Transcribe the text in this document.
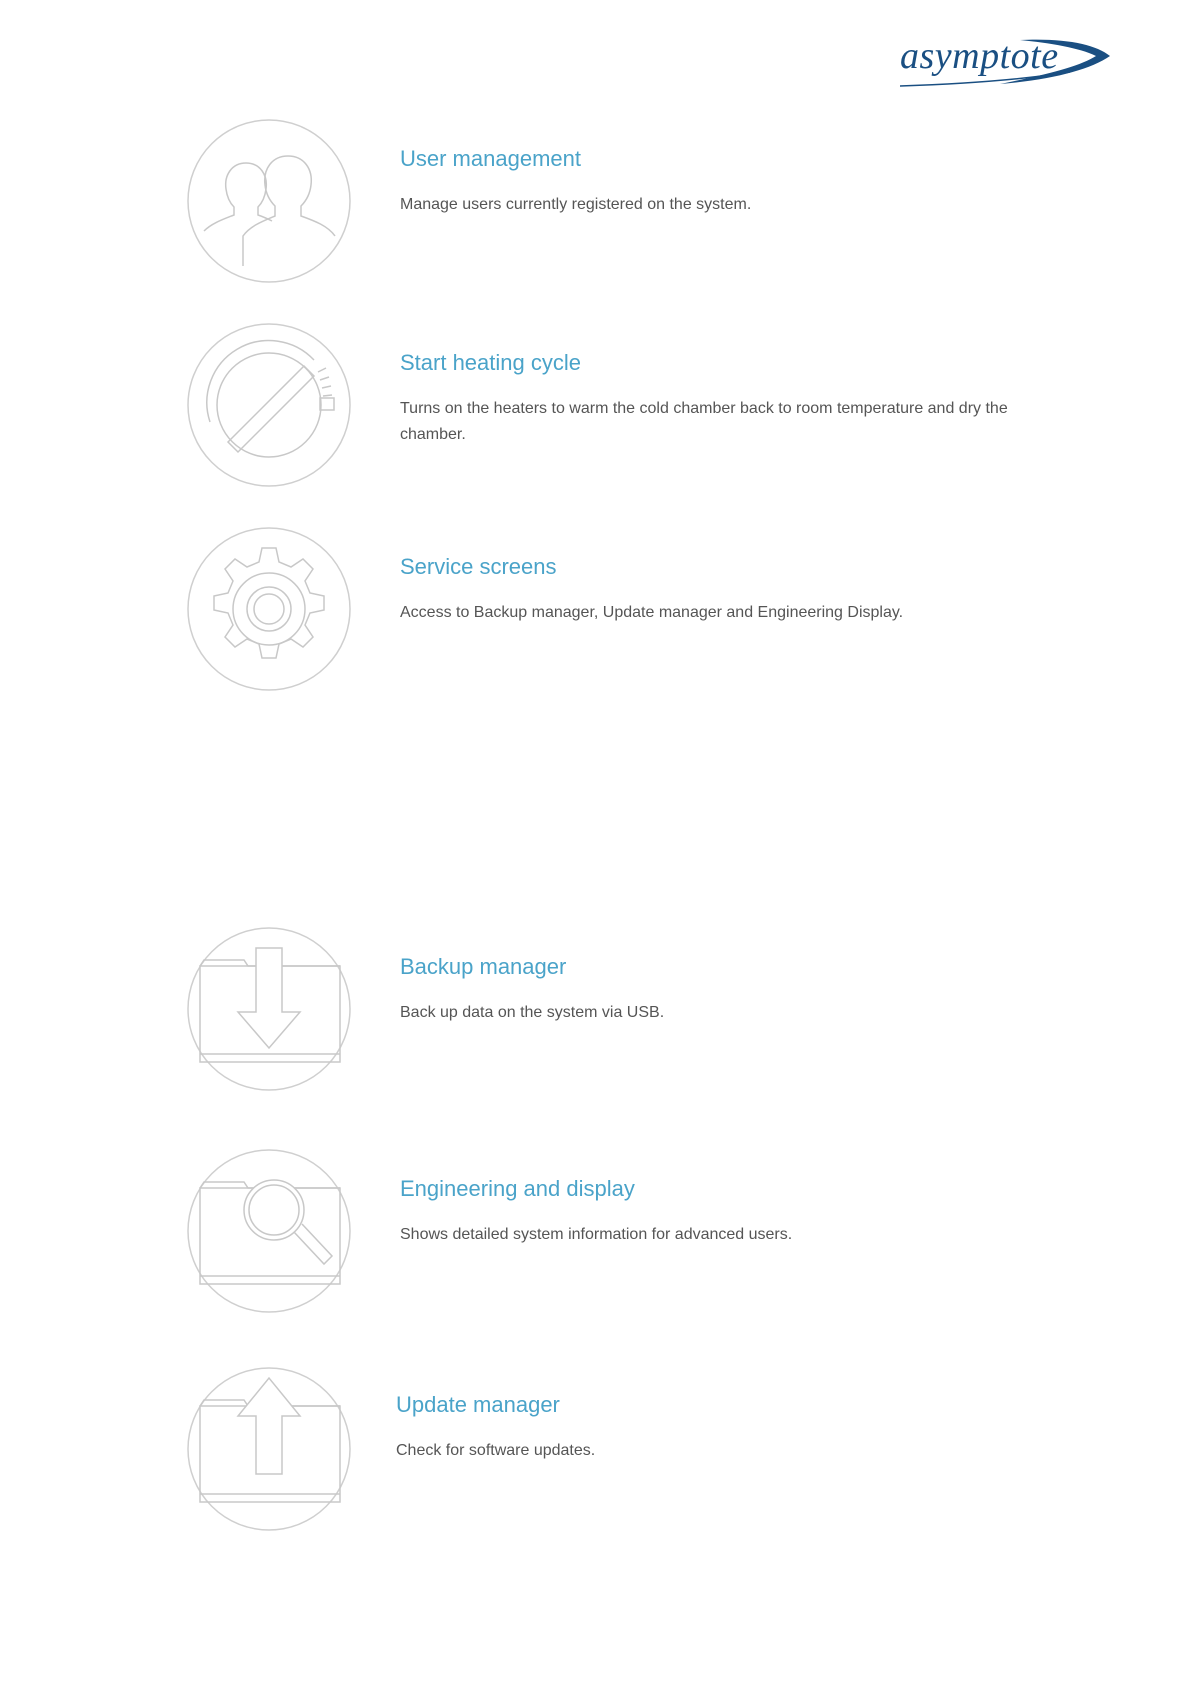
asymptote
User management

Manage users currently registered on the system.

Start heating cycle

Turns on the heaters to warm the cold chamber back to room temperature and dry the chamber.

Service screens

Access to Backup manager, Update manager and Engineering Display.

Backup manager

Back up data on the system via USB.

Engineering and display

Shows detailed system information for advanced users.

Update manager

Check for software updates.
